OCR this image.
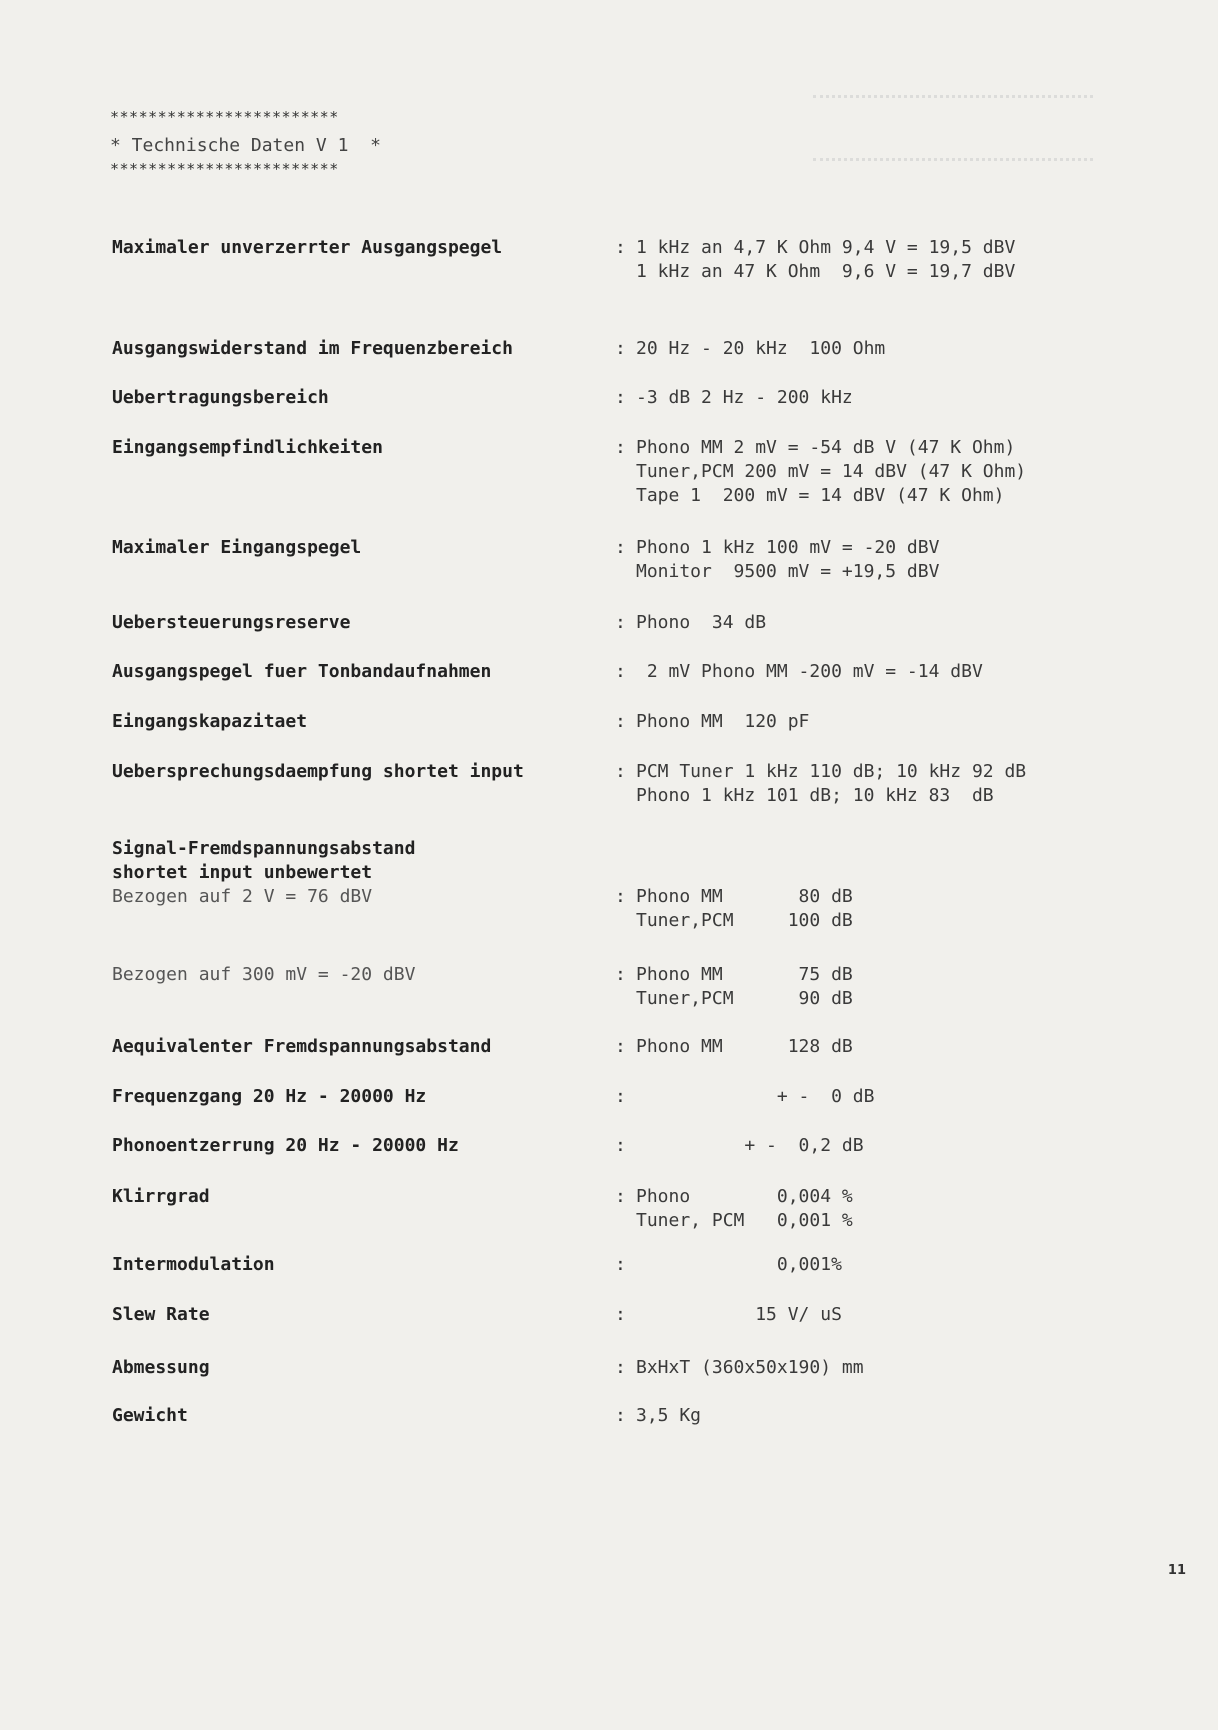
************************
* Technische Daten V 1  *
************************
Maximaler unverzerrter Ausgangspegel	: 1 kHz an 4,7 K Ohm 9,4 V = 19,5 dBV
1 kHz an 47 K Ohm  9,6 V = 19,7 dBV
Ausgangswiderstand im Frequenzbereich	: 20 Hz - 20 kHz  100 Ohm
Uebertragungsbereich	: -3 dB 2 Hz - 200 kHz
Eingangsempfindlichkeiten	: Phono MM 2 mV = -54 dB V (47 K Ohm)
Tuner,PCM 200 mV = 14 dBV (47 K Ohm)
Tape 1  200 mV = 14 dBV (47 K Ohm)
Maximaler Eingangspegel	: Phono 1 kHz 100 mV = -20 dBV
Monitor  9500 mV = +19,5 dBV
Uebersteuerungsreserve	: Phono  34 dB
Ausgangspegel fuer Tonbandaufnahmen	: 2 mV Phono MM -200 mV = -14 dBV
Eingangskapazitaet	: Phono MM  120 pF
Uebersprechungsdaempfung shortet input	: PCM Tuner 1 kHz 110 dB; 10 kHz 92 dB
Phono 1 kHz 101 dB; 10 kHz 83  dB
Signal-Fremdspannungsabstand
shortet input unbewertet
Bezogen auf 2 V = 76 dBV	: Phono MM       80 dB
Tuner,PCM     100 dB
Bezogen auf 300 mV = -20 dBV	: Phono MM       75 dB
Tuner,PCM      90 dB
Aequivalenter Fremdspannungsabstand	: Phono MM      128 dB
Frequenzgang 20 Hz - 20000 Hz	: + -  0 dB
Phonoentzerrung 20 Hz - 20000 Hz	: + -  0,2 dB
Klirrgrad	: Phono        0,004 %
Tuner, PCM   0,001 %
Intermodulation	: 0,001%
Slew Rate	: 15 V/ uS
Abmessung	: BxHxT (360x50x190) mm
Gewicht	: 3,5 Kg
11
